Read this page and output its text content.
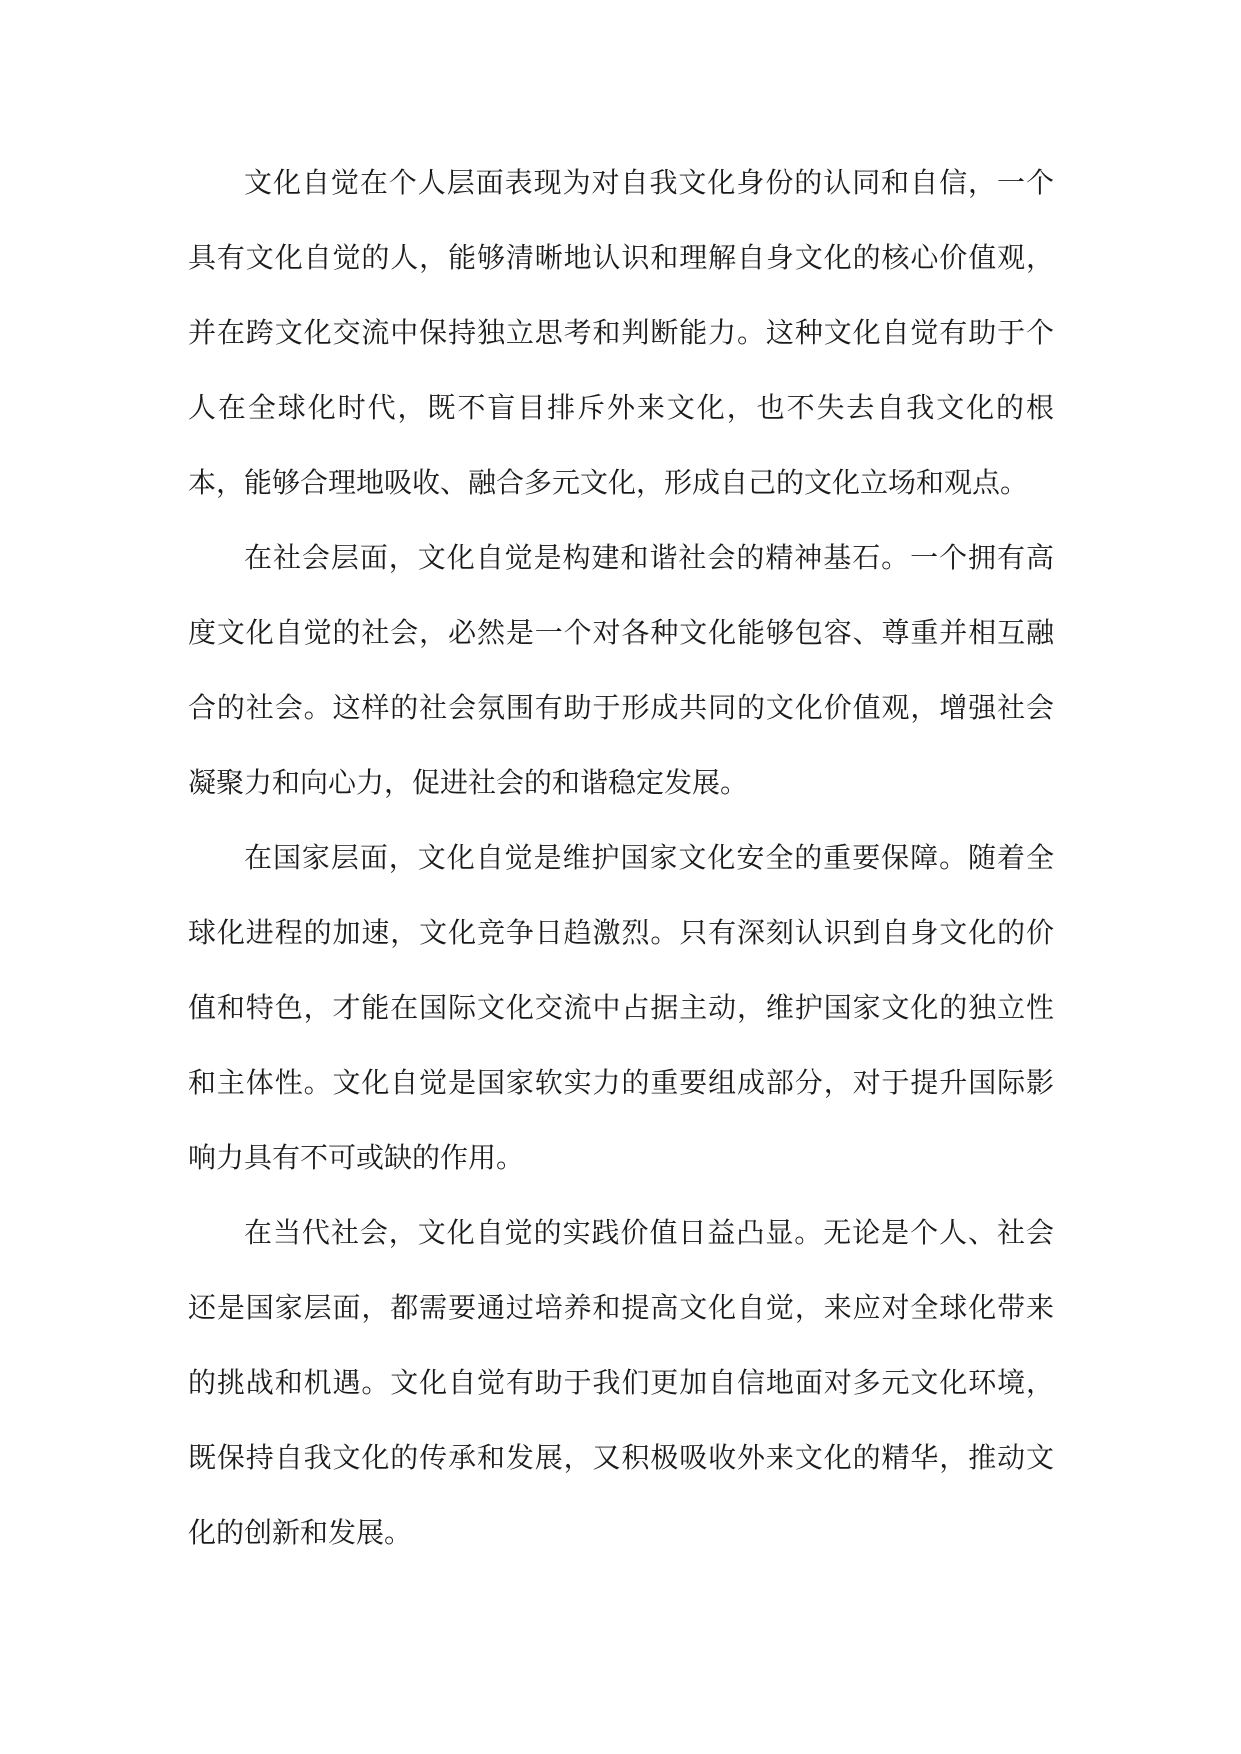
文化自觉在个人层面表现为对自我文化身份的认同和自信，一个具有文化自觉的人，能够清晰地认识和理解自身文化的核心价值观，并在跨文化交流中保持独立思考和判断能力。这种文化自觉有助于个人在全球化时代，既不盲目排斥外来文化，也不失去自我文化的根本，能够合理地吸收、融合多元文化，形成自己的文化立场和观点。

在社会层面，文化自觉是构建和谐社会的精神基石。一个拥有高度文化自觉的社会，必然是一个对各种文化能够包容、尊重并相互融合的社会。这样的社会氛围有助于形成共同的文化价值观，增强社会凝聚力和向心力，促进社会的和谐稳定发展。

在国家层面，文化自觉是维护国家文化安全的重要保障。随着全球化进程的加速，文化竞争日趋激烈。只有深刻认识到自身文化的价值和特色，才能在国际文化交流中占据主动，维护国家文化的独立性和主体性。文化自觉是国家软实力的重要组成部分，对于提升国际影响力具有不可或缺的作用。

在当代社会，文化自觉的实践价值日益凸显。无论是个人、社会还是国家层面，都需要通过培养和提高文化自觉，来应对全球化带来的挑战和机遇。文化自觉有助于我们更加自信地面对多元文化环境，既保持自我文化的传承和发展，又积极吸收外来文化的精华，推动文化的创新和发展。
